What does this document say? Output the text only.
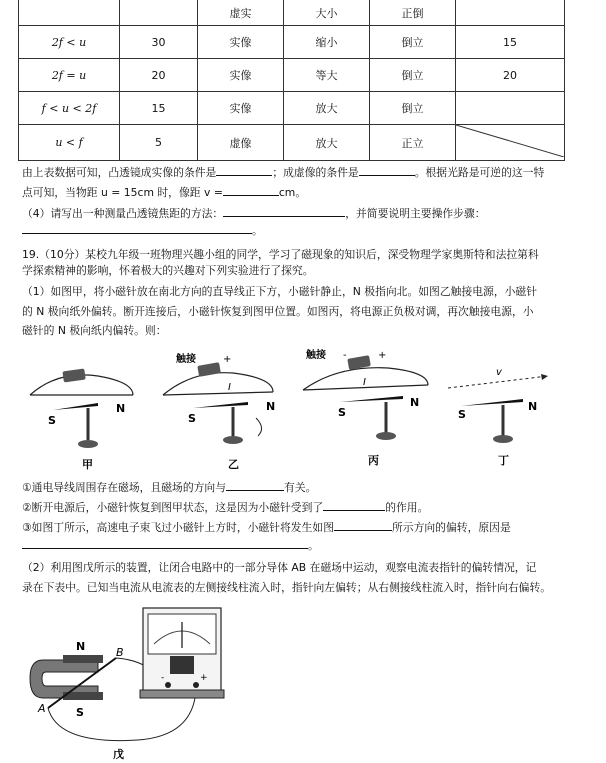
		虚实	大小	正倒	
2f < u	30	实像	缩小	倒立	15
2f = u	20	实像	等大	倒立	20
f < u < 2f	15	实像	放大	倒立	
u < f	5	虚像	放大	正立	
由上表数据可知，凸透镜成实像的条件是	；成虚像的条件是	。根据光路是可逆的这一特
点可知，当物距 u = 15cm 时，像距 v =	cm。
（4）请写出一种测量凸透镜焦距的方法：	，并简要说明主要操作步骤：
。
19.（10分）某校九年级一班物理兴趣小组的同学，学习了磁现象的知识后，深受物理学家奥斯特和法拉第科
学探索精神的影响，怀着极大的兴趣对下列实验进行了探究。
（1）如图甲，将小磁针放在南北方向的直导线正下方，小磁针静止，N 极指向北。如图乙触接电源，小磁针
的 N 极向纸外偏转。断开连接后，小磁针恢复到图甲位置。如图丙，将电源正负极对调，再次触接电源，小
磁针的 N 极向纸内偏转。则：
S
N
甲
触接	+
I
S
N
乙
触接 -	+
I
S
N
丙
v
S
N
丁
①通电导线周围存在磁场，且磁场的方向与	有关。
②断开电源后，小磁针恢复到图甲状态，这是因为小磁针受到了	的作用。
③如图丁所示，高速电子束飞过小磁针上方时，小磁针将发生如图	所示方向的偏转，原因是
。
（2）利用图戊所示的装置，让闭合电路中的一部分导体 AB 在磁场中运动，观察电流表指针的偏转情况，记
录在下表中。已知当电流从电流表的左侧接线柱流入时，指针向左偏转；从右侧接线柱流入时，指针向右偏转。
N
S
A
B
-	+
戊
